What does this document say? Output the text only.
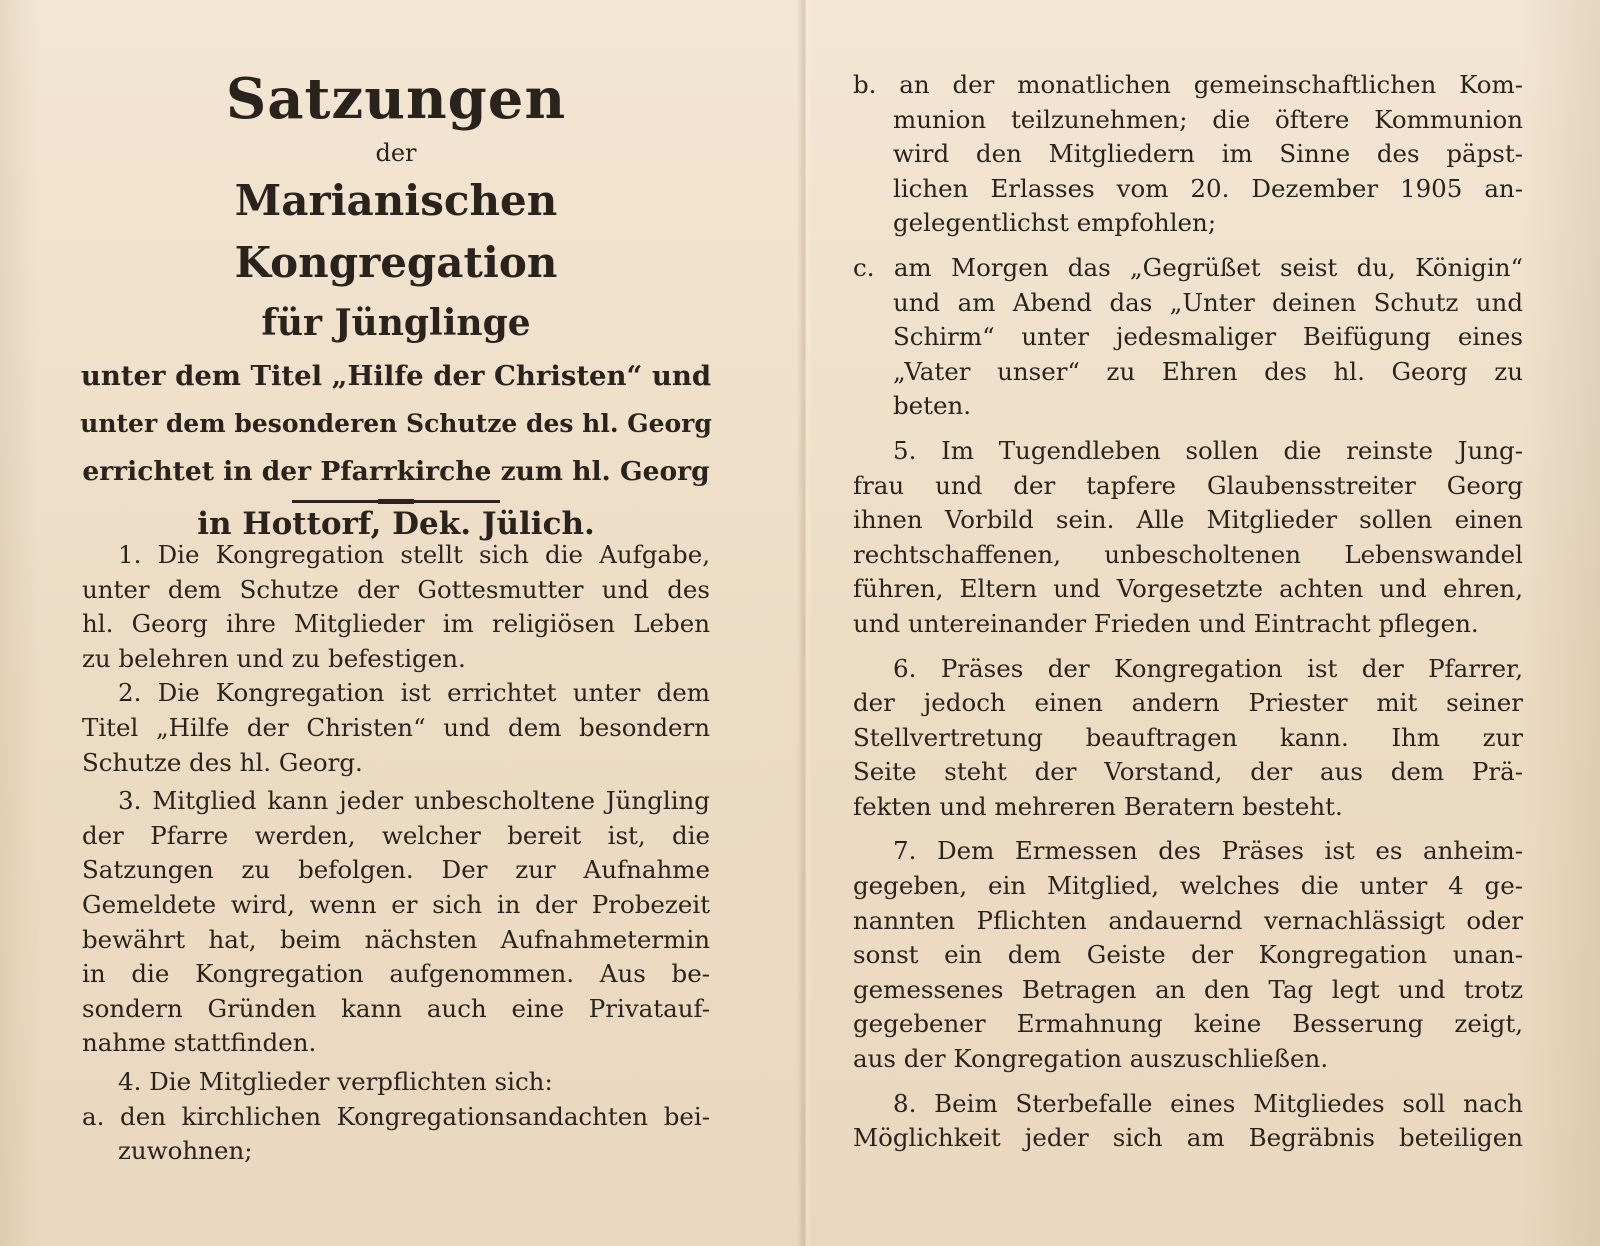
Satzungen
der
Marianischen Kongregation
für Jünglinge
unter dem Titel „Hilfe der Christen“ und
unter dem besonderen Schutze des hl. Georg
errichtet in der Pfarrkirche zum hl. Georg
in Hottorf, Dek. Jülich.
1. Die Kongregation stellt sich die Aufgabe,
unter dem Schutze der Gottesmutter und des
hl. Georg ihre Mitglieder im religiösen Leben
zu belehren und zu befestigen.
2. Die Kongregation ist errichtet unter dem
Titel „Hilfe der Christen“ und dem besondern
Schutze des hl. Georg.
3. Mitglied kann jeder unbescholtene Jüngling
der Pfarre werden, welcher bereit ist, die
Satzungen zu befolgen. Der zur Aufnahme
Gemeldete wird, wenn er sich in der Probezeit
bewährt hat, beim nächsten Aufnahmetermin
in die Kongregation aufgenommen. Aus be-
sondern Gründen kann auch eine Privatauf-
nahme stattfinden.
4. Die Mitglieder verpflichten sich:
a. den kirchlichen Kongregationsandachten bei-
zuwohnen;
b. an der monatlichen gemeinschaftlichen Kom-
munion teilzunehmen; die öftere Kommunion
wird den Mitgliedern im Sinne des päpst-
lichen Erlasses vom 20. Dezember 1905 an-
gelegentlichst empfohlen;
c. am Morgen das „Gegrüßet seist du, Königin“
und am Abend das „Unter deinen Schutz und
Schirm“ unter jedesmaliger Beifügung eines
„Vater unser“ zu Ehren des hl. Georg zu
beten.
5. Im Tugendleben sollen die reinste Jung-
frau und der tapfere Glaubensstreiter Georg
ihnen Vorbild sein. Alle Mitglieder sollen einen
rechtschaffenen, unbescholtenen Lebenswandel
führen, Eltern und Vorgesetzte achten und ehren,
und untereinander Frieden und Eintracht pflegen.
6. Präses der Kongregation ist der Pfarrer,
der jedoch einen andern Priester mit seiner
Stellvertretung beauftragen kann. Ihm zur
Seite steht der Vorstand, der aus dem Prä-
fekten und mehreren Beratern besteht.
7. Dem Ermessen des Präses ist es anheim-
gegeben, ein Mitglied, welches die unter 4 ge-
nannten Pflichten andauernd vernachlässigt oder
sonst ein dem Geiste der Kongregation unan-
gemessenes Betragen an den Tag legt und trotz
gegebener Ermahnung keine Besserung zeigt,
aus der Kongregation auszuschließen.
8. Beim Sterbefalle eines Mitgliedes soll nach
Möglichkeit jeder sich am Begräbnis beteiligen
